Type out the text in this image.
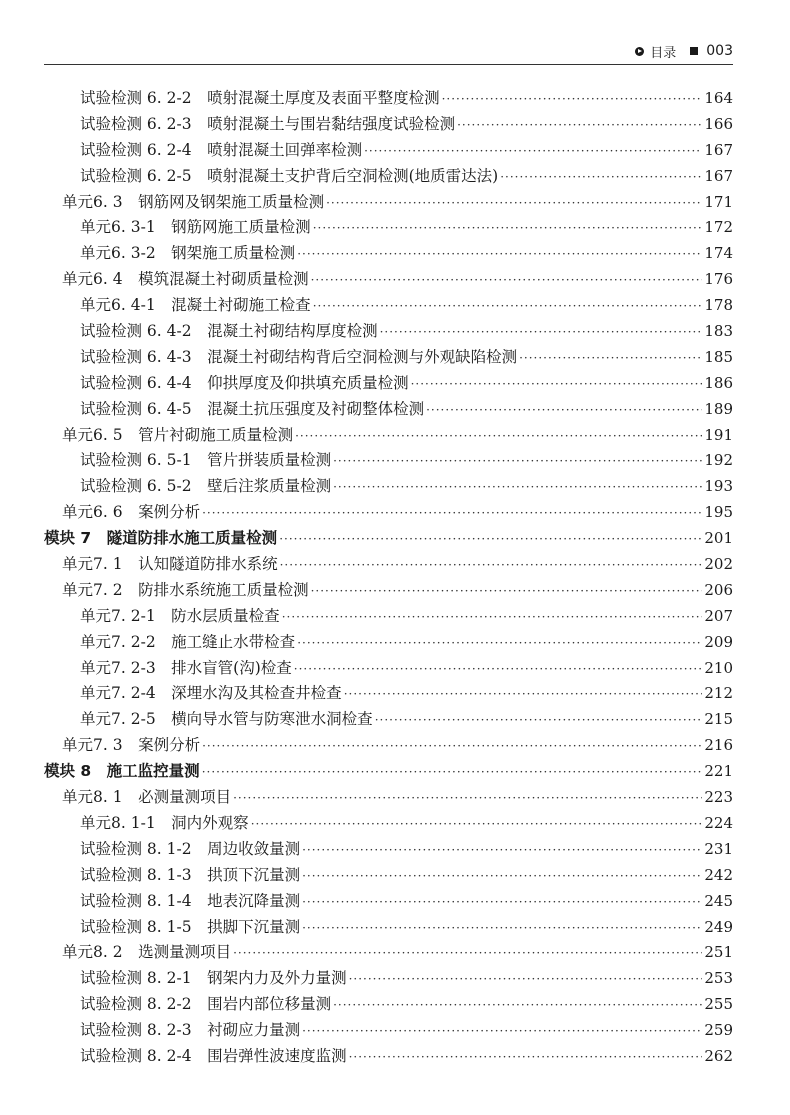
目录 003
试验检测 6. 2-2　喷射混凝土厚度及表面平整度检测 ·····	164
试验检测 6. 2-3　喷射混凝土与围岩黏结强度试验检测 ·····	166
试验检测 6. 2-4　喷射混凝土回弹率检测 ·····	167
试验检测 6. 2-5　喷射混凝土支护背后空洞检测(地质雷达法) ·····	167
单元6. 3　钢筋网及钢架施工质量检测 ·····	171
单元6. 3-1　钢筋网施工质量检测 ·····	172
单元6. 3-2　钢架施工质量检测 ·····	174
单元6. 4　模筑混凝土衬砌质量检测 ·····	176
单元6. 4-1　混凝土衬砌施工检查 ·····	178
试验检测 6. 4-2　混凝土衬砌结构厚度检测 ·····	183
试验检测 6. 4-3　混凝土衬砌结构背后空洞检测与外观缺陷检测 ·····	185
试验检测 6. 4-4　仰拱厚度及仰拱填充质量检测 ·····	186
试验检测 6. 4-5　混凝土抗压强度及衬砌整体检测 ·····	189
单元6. 5　管片衬砌施工质量检测 ·····	191
试验检测 6. 5-1　管片拼装质量检测 ·····	192
试验检测 6. 5-2　壁后注浆质量检测 ·····	193
单元6. 6　案例分析 ·····	195
模块 7　隧道防排水施工质量检测 ·····	201
单元7. 1　认知隧道防排水系统 ·····	202
单元7. 2　防排水系统施工质量检测 ·····	206
单元7. 2-1　防水层质量检查 ·····	207
单元7. 2-2　施工缝止水带检查 ·····	209
单元7. 2-3　排水盲管(沟)检查 ·····	210
单元7. 2-4　深埋水沟及其检查井检查 ·····	212
单元7. 2-5　横向导水管与防寒泄水洞检查 ·····	215
单元7. 3　案例分析 ·····	216
模块 8　施工监控量测 ·····	221
单元8. 1　必测量测项目 ·····	223
单元8. 1-1　洞内外观察 ·····	224
试验检测 8. 1-2　周边收敛量测 ·····	231
试验检测 8. 1-3　拱顶下沉量测 ·····	242
试验检测 8. 1-4　地表沉降量测 ·····	245
试验检测 8. 1-5　拱脚下沉量测 ·····	249
单元8. 2　选测量测项目 ·····	251
试验检测 8. 2-1　钢架内力及外力量测 ·····	253
试验检测 8. 2-2　围岩内部位移量测 ·····	255
试验检测 8. 2-3　衬砌应力量测 ·····	259
试验检测 8. 2-4　围岩弹性波速度监测 ·····	262
